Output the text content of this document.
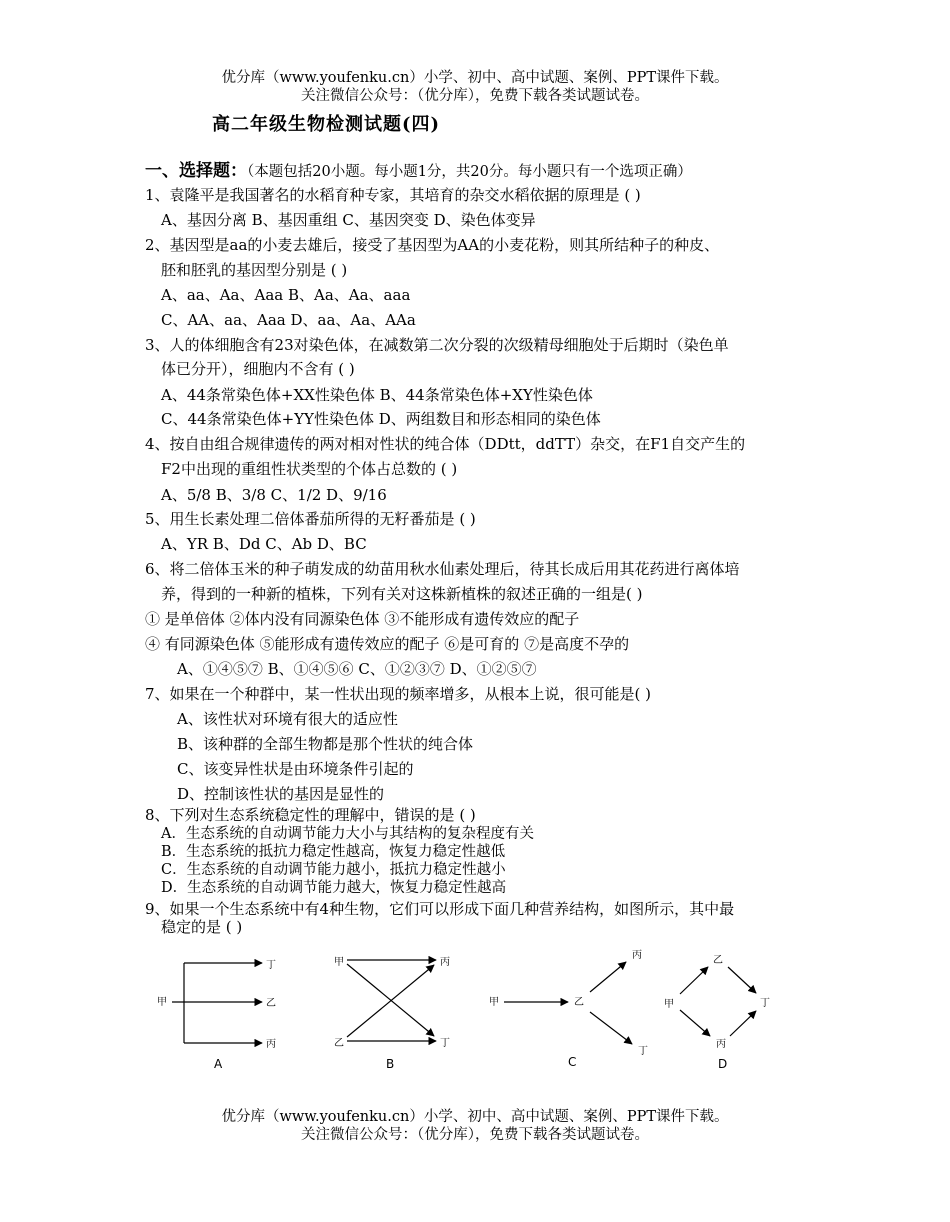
优分库（www.youfenku.cn）小学、初中、高中试题、案例、PPT课件下载。
关注微信公众号：（优分库），免费下载各类试题试卷。
高二年级生物检测试题(四)
一、选择题：（本题包括20小题。每小题1分，共20分。每小题只有一个选项正确）
1、袁隆平是我国著名的水稻育种专家，其培育的杂交水稻依据的原理是 ( )
A、基因分离 B、基因重组 C、基因突变 D、染色体变异
2、基因型是aa的小麦去雄后，接受了基因型为AA的小麦花粉，则其所结种子的种皮、
胚和胚乳的基因型分别是 ( )
A、aa、Aa、Aaa B、Aa、Aa、aaa
C、AA、aa、Aaa D、aa、Aa、AAa
3、人的体细胞含有23对染色体，在减数第二次分裂的次级精母细胞处于后期时（染色单
体已分开），细胞内不含有 ( )
A、44条常染色体+XX性染色体 B、44条常染色体+XY性染色体
C、44条常染色体+YY性染色体 D、两组数目和形态相同的染色体
4、按自由组合规律遗传的两对相对性状的纯合体（DDtt，ddTT）杂交，在F1自交产生的
F2中出现的重组性状类型的个体占总数的 ( )
A、5/8 B、3/8 C、1/2 D、9/16
5、用生长素处理二倍体番茄所得的无籽番茄是 ( )
A、YR B、Dd C、Ab D、BC
6、将二倍体玉米的种子萌发成的幼苗用秋水仙素处理后，待其长成后用其花药进行离体培
养，得到的一种新的植株，下列有关对这株新植株的叙述正确的一组是( )
① 是单倍体 ②体内没有同源染色体 ③不能形成有遗传效应的配子
④ 有同源染色体 ⑤能形成有遗传效应的配子 ⑥是可育的 ⑦是高度不孕的
A、①④⑤⑦ B、①④⑤⑥ C、①②③⑦ D、①②⑤⑦
7、如果在一个种群中，某一性状出现的频率增多，从根本上说，很可能是( )
A、该性状对环境有很大的适应性
B、该种群的全部生物都是那个性状的纯合体
C、该变异性状是由环境条件引起的
D、控制该性状的基因是显性的
8、下列对生态系统稳定性的理解中，错误的是 ( )
A．生态系统的自动调节能力大小与其结构的复杂程度有关
B．生态系统的抵抗力稳定性越高，恢复力稳定性越低
C．生态系统的自动调节能力越小，抵抗力稳定性越小
D．生态系统的自动调节能力越大，恢复力稳定性越高
9、如果一个生态系统中有4种生物，它们可以形成下面几种营养结构，如图所示，其中最
稳定的是 ( )
甲
丁
乙
丙
A
甲	丙
乙	丁
B
甲	乙
丙
丁
C
甲
乙
丙
丁
D
优分库（www.youfenku.cn）小学、初中、高中试题、案例、PPT课件下载。
关注微信公众号：（优分库），免费下载各类试题试卷。
